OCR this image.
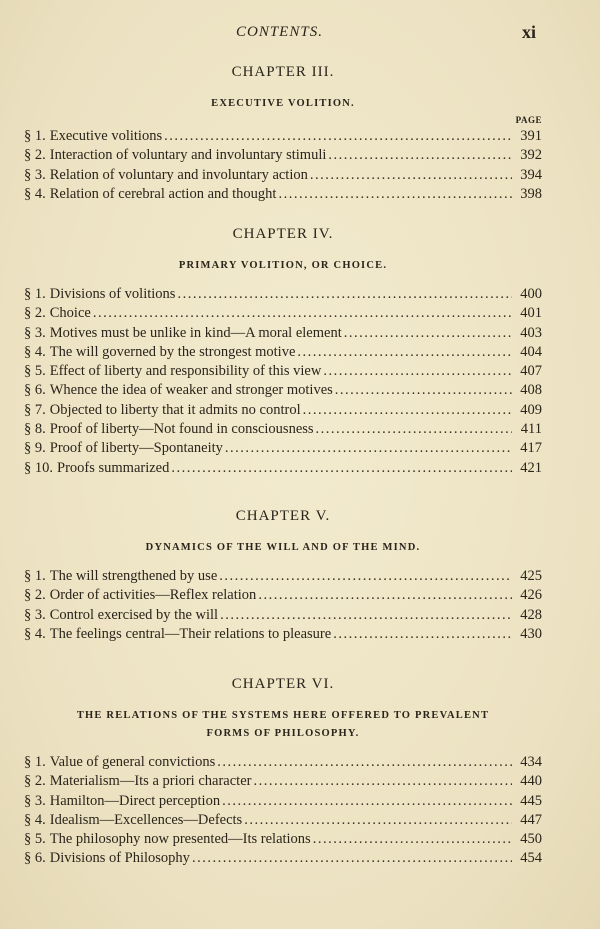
CONTENTS.	xi
CHAPTER III.
EXECUTIVE VOLITION.
PAGE
§ 1. Executive volitions .....	391
§ 2. Interaction of voluntary and involuntary stimuli .....	392
§ 3. Relation of voluntary and involuntary action .....	394
§ 4. Relation of cerebral action and thought .....	398
CHAPTER IV.
PRIMARY VOLITION, OR CHOICE.
§ 1. Divisions of volitions .....	400
§ 2. Choice .....	401
§ 3. Motives must be unlike in kind—A moral element .....	403
§ 4. The will governed by the strongest motive .....	404
§ 5. Effect of liberty and responsibility of this view .....	407
§ 6. Whence the idea of weaker and stronger motives .....	408
§ 7. Objected to liberty that it admits no control .....	409
§ 8. Proof of liberty—Not found in consciousness .....	411
§ 9. Proof of liberty—Spontaneity .....	417
§ 10. Proofs summarized .....	421
CHAPTER V.
DYNAMICS OF THE WILL AND OF THE MIND.
§ 1. The will strengthened by use .....	425
§ 2. Order of activities—Reflex relation .....	426
§ 3. Control exercised by the will .....	428
§ 4. The feelings central—Their relations to pleasure .....	430
CHAPTER VI.
THE RELATIONS OF THE SYSTEMS HERE OFFERED TO PREVALENT
FORMS OF PHILOSOPHY.
§ 1. Value of general convictions .....	434
§ 2. Materialism—Its a priori character .....	440
§ 3. Hamilton—Direct perception .....	445
§ 4. Idealism—Excellences—Defects .....	447
§ 5. The philosophy now presented—Its relations .....	450
§ 6. Divisions of Philosophy .....	454
